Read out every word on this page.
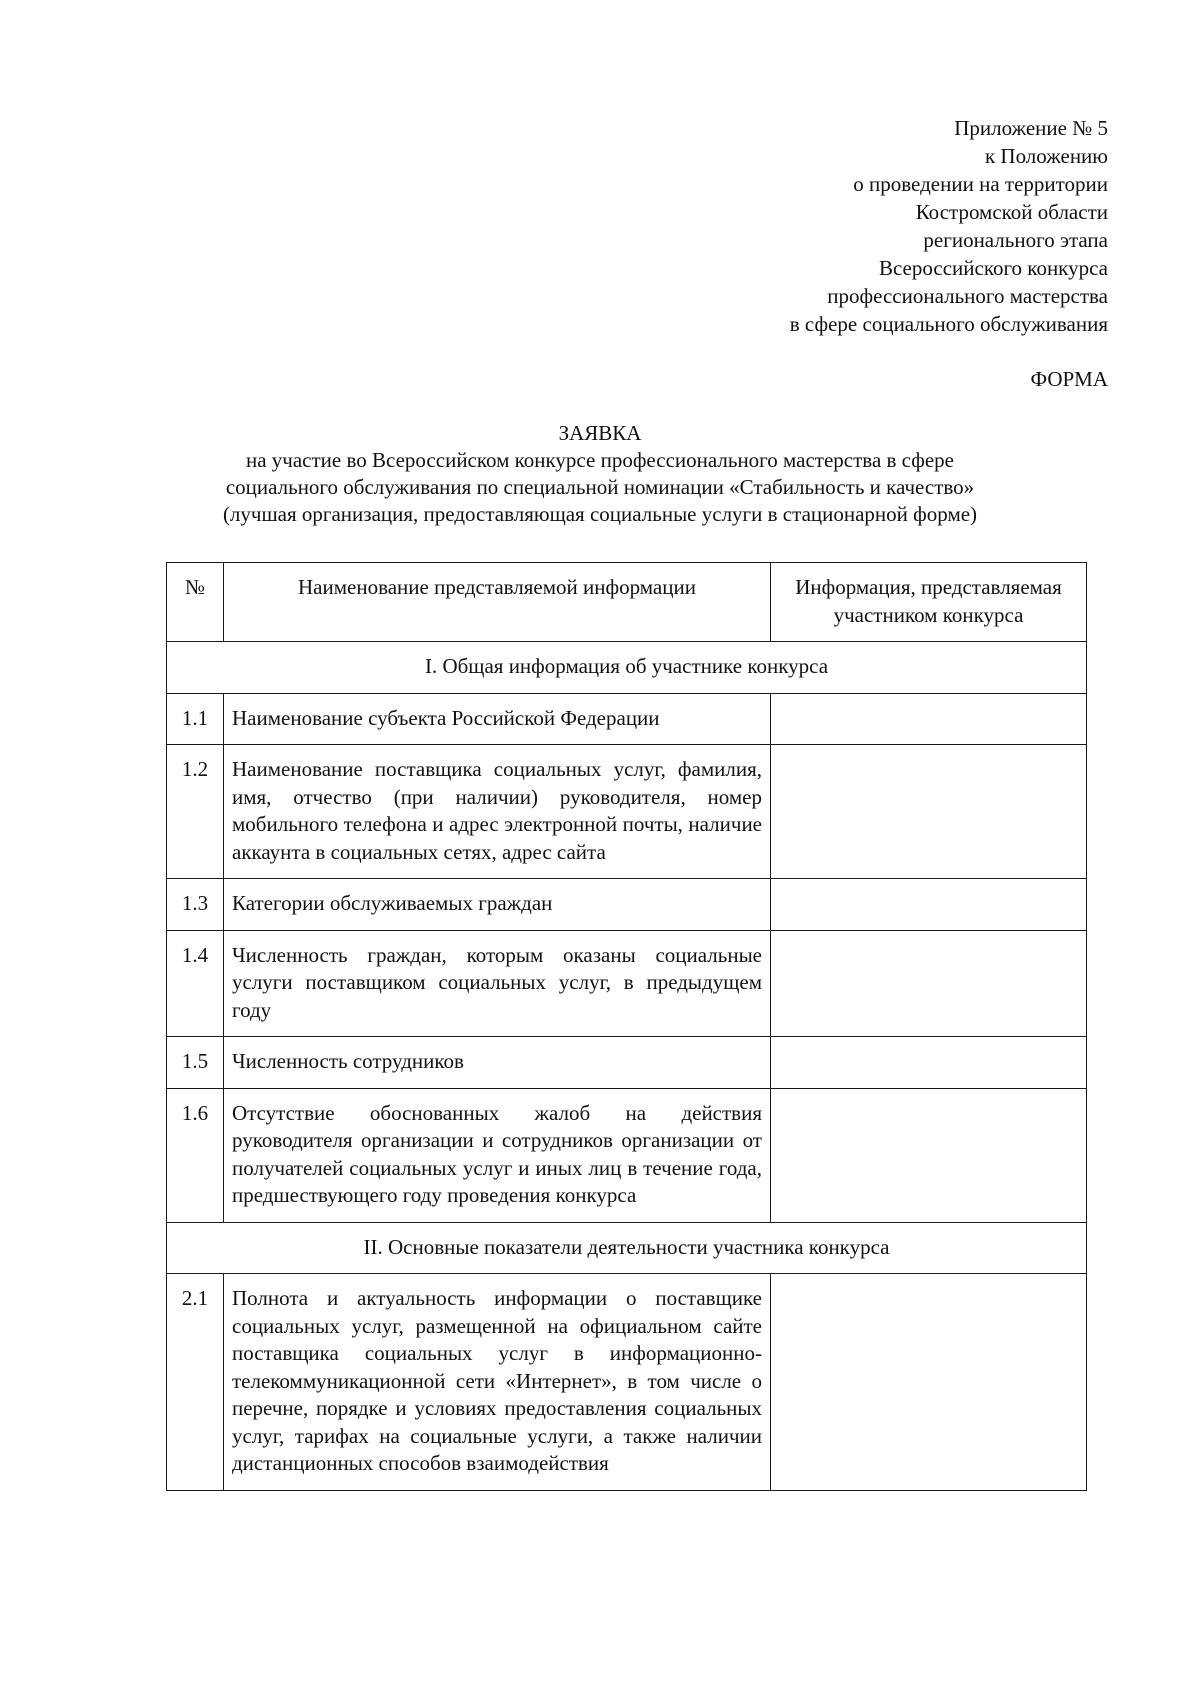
Приложение № 5
к Положению
о проведении на территории
Костромской области
регионального этапа
Всероссийского конкурса
профессионального мастерства
в сфере социального обслуживания
ФОРМА
ЗАЯВКА
на участие во Всероссийском конкурсе профессионального мастерства в сфере
социального обслуживания по специальной номинации «Стабильность и качество»
(лучшая организация, предоставляющая социальные услуги в стационарной форме)
№	Наименование представляемой информации	Информация, представляемая участником конкурса
I. Общая информация об участнике конкурса		
1.1	Наименование субъекта Российской Федерации	
1.2	Наименование поставщика социальных услуг, фамилия, имя, отчество (при наличии) руководителя, номер мобильного телефона и адрес электронной почты, наличие аккаунта в социальных сетях, адрес сайта	
1.3	Категории обслуживаемых граждан	
1.4	Численность граждан, которым оказаны социальные услуги поставщиком социальных услуг, в предыдущем году	
1.5	Численность сотрудников	
1.6	Отсутствие обоснованных жалоб на действия руководителя организации и сотрудников организации от получателей социальных услуг и иных лиц в течение года, предшествующего году проведения конкурса	
II. Основные показатели деятельности участника конкурса		
2.1	Полнота и актуальность информации о поставщике социальных услуг, размещенной на официальном сайте поставщика социальных услуг в информационно-телекоммуникационной сети «Интернет», в том числе о перечне, порядке и условиях предоставления социальных услуг, тарифах на социальные услуги, а также наличии дистанционных способов взаимодействия	
